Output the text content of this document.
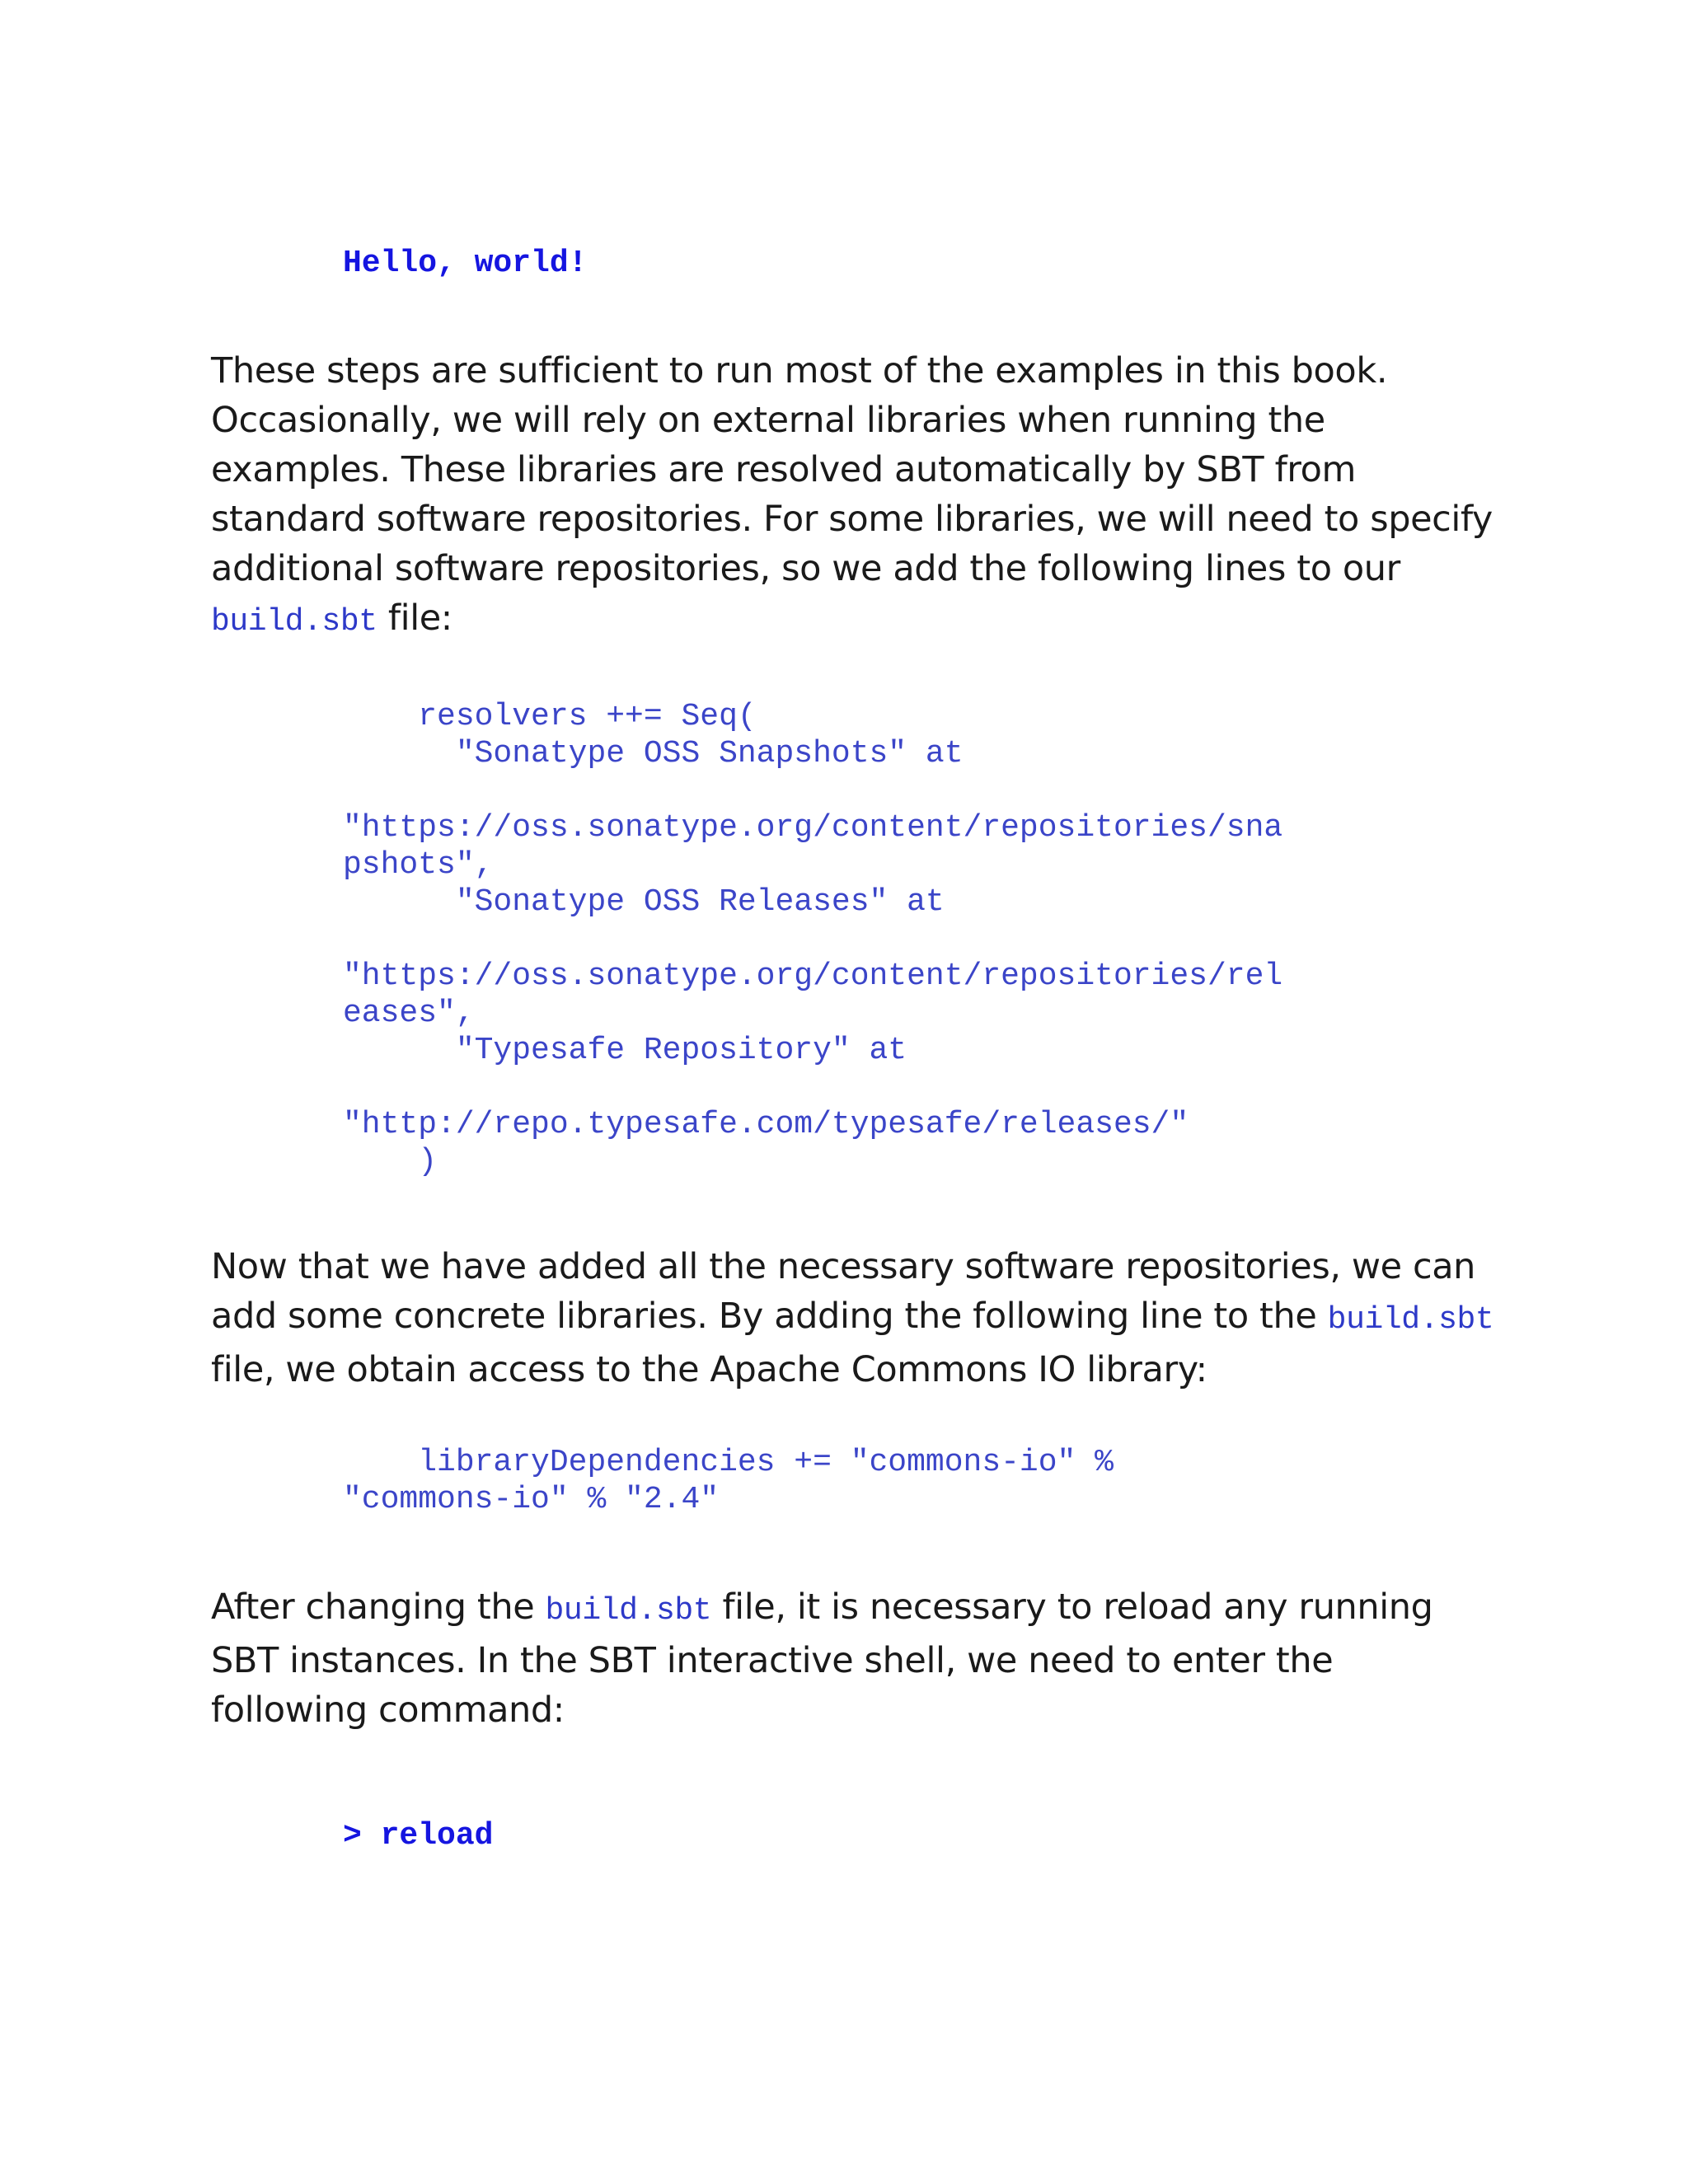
Hello, world!

These steps are sufficient to run most of the examples in this book. Occasionally, we will rely on external libraries when running the examples. These libraries are resolved automatically by SBT from standard software repositories. For some libraries, we will need to specify additional software repositories, so we add the following lines to our build.sbt file:

resolvers ++= Seq(
"Sonatype OSS Snapshots" at
"https://oss.sonatype.org/content/repositories/sna
pshots",
"Sonatype OSS Releases" at
"https://oss.sonatype.org/content/repositories/rel
eases",
"Typesafe Repository" at
"http://repo.typesafe.com/typesafe/releases/"
)

Now that we have added all the necessary software repositories, we can add some concrete libraries. By adding the following line to the build.sbt file, we obtain access to the Apache Commons IO library:

libraryDependencies += "commons-io" %
"commons-io" % "2.4"

After changing the build.sbt file, it is necessary to reload any running SBT instances. In the SBT interactive shell, we need to enter the following command:

> reload
